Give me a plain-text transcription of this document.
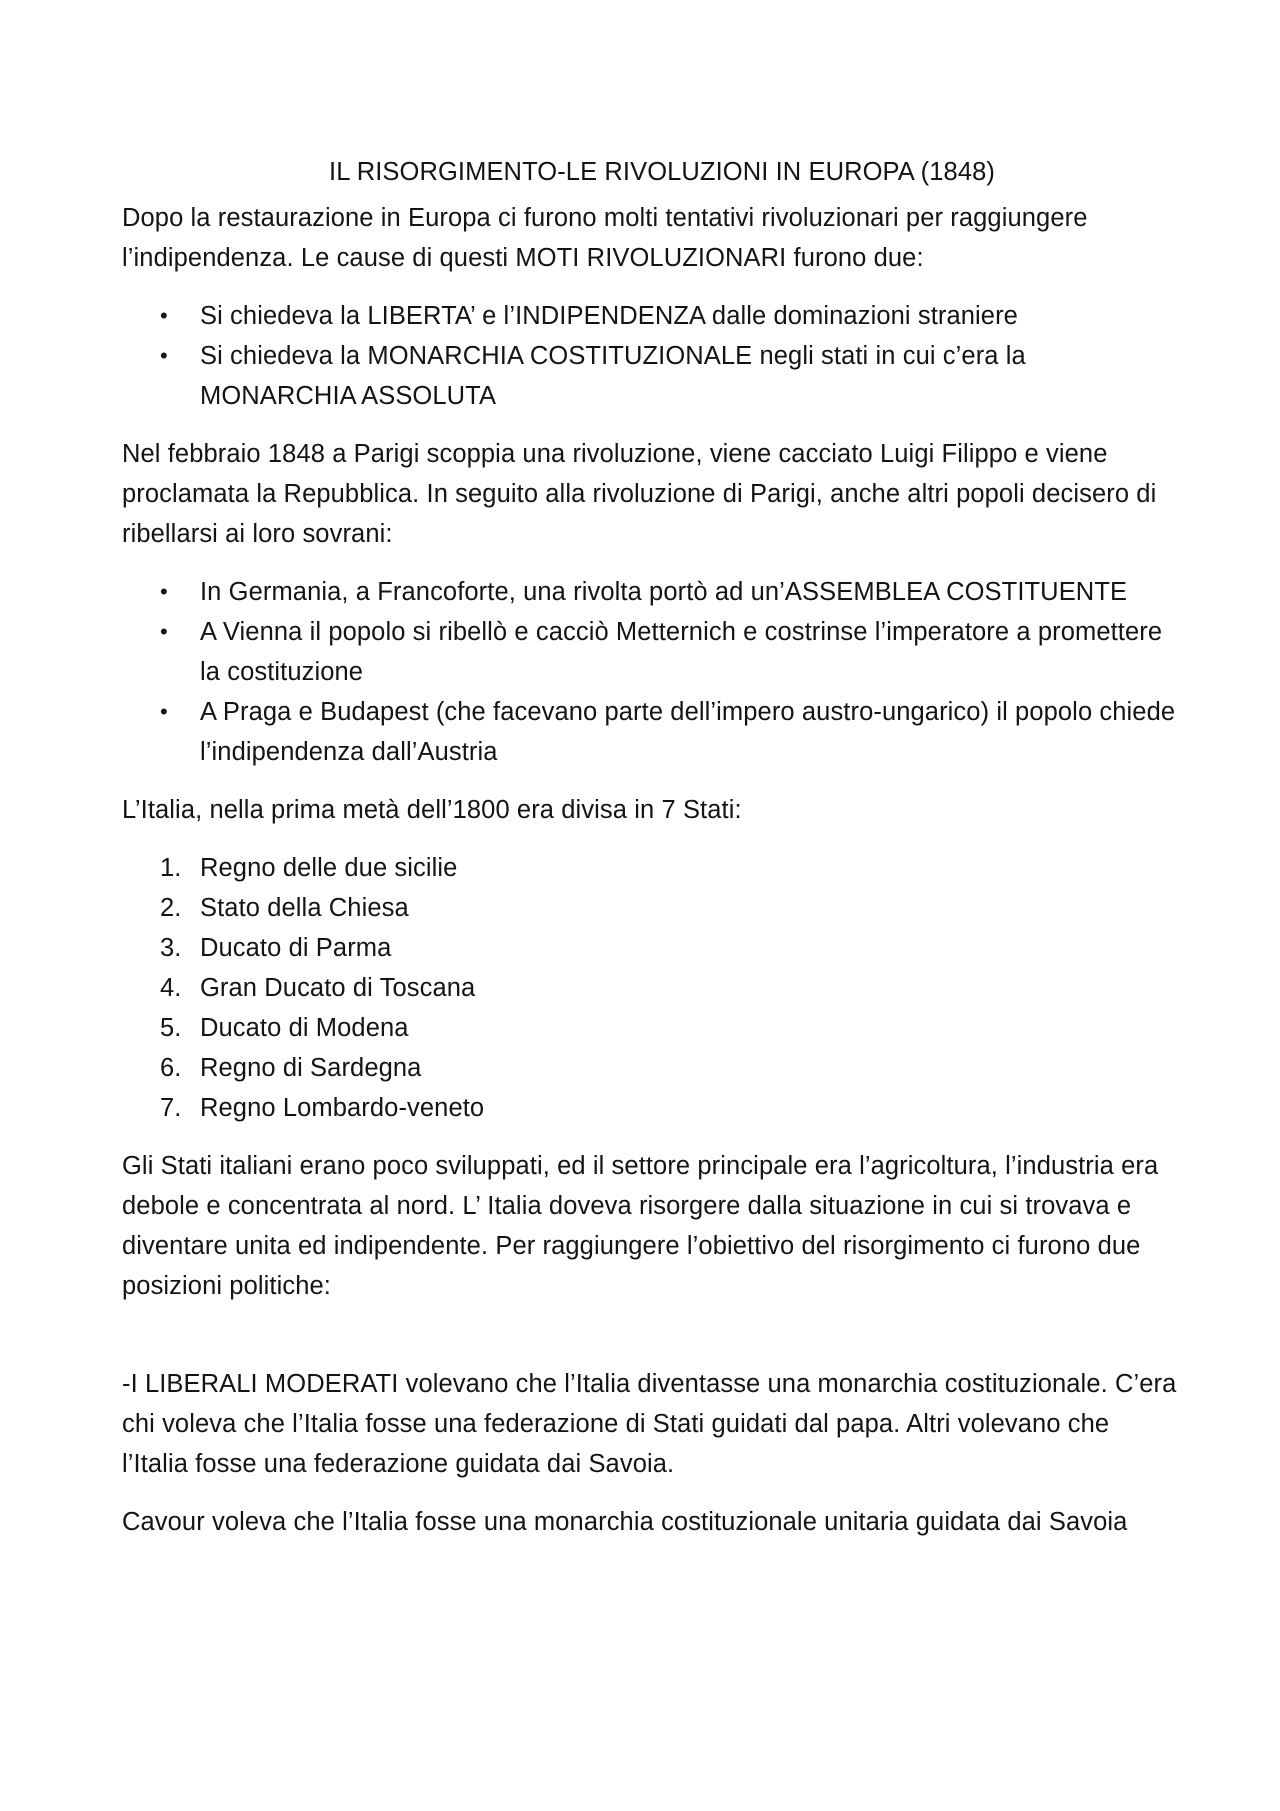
IL RISORGIMENTO-LE RIVOLUZIONI IN EUROPA (1848)

Dopo la restaurazione in Europa ci furono molti tentativi rivoluzionari per raggiungere l’indipendenza. Le cause di questi MOTI RIVOLUZIONARI furono due:

• Si chiedeva la LIBERTA’ e l’INDIPENDENZA dalle dominazioni straniere
• Si chiedeva la MONARCHIA COSTITUZIONALE negli stati in cui c’era la MONARCHIA ASSOLUTA

Nel febbraio 1848 a Parigi scoppia una rivoluzione, viene cacciato Luigi Filippo e viene proclamata la Repubblica. In seguito alla rivoluzione di Parigi, anche altri popoli decisero di ribellarsi ai loro sovrani:

• In Germania, a Francoforte, una rivolta portò ad un’ASSEMBLEA COSTITUENTE
• A Vienna il popolo si ribellò e cacciò Metternich e costrinse l’imperatore a promettere la costituzione
• A Praga e Budapest (che facevano parte dell’impero austro-ungarico) il popolo chiede l’indipendenza dall’Austria

L’Italia, nella prima metà dell’1800 era divisa in 7 Stati:

1. Regno delle due sicilie
2. Stato della Chiesa
3. Ducato di Parma
4. Gran Ducato di Toscana
5. Ducato di Modena
6. Regno di Sardegna
7. Regno Lombardo-veneto

Gli Stati italiani erano poco sviluppati, ed il settore principale era l’agricoltura, l’industria era debole e concentrata al nord. L’ Italia doveva risorgere dalla situazione in cui si trovava e diventare unita ed indipendente. Per raggiungere l’obiettivo del risorgimento ci furono due posizioni politiche:

-I LIBERALI MODERATI volevano che l’Italia diventasse una monarchia costituzionale. C’era chi voleva che l’Italia fosse una federazione di Stati guidati dal papa. Altri volevano che l’Italia fosse una federazione guidata dai Savoia.

Cavour voleva che l’Italia fosse una monarchia costituzionale unitaria guidata dai Savoia
